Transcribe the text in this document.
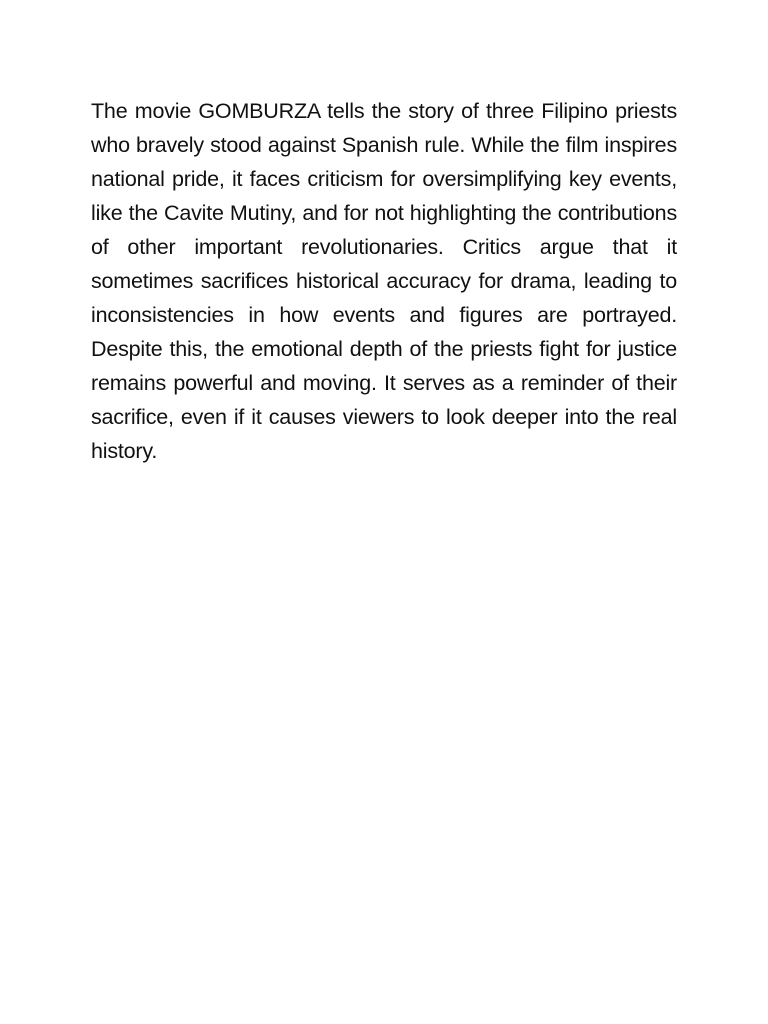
The movie GOMBURZA tells the story of three Filipino priests who bravely stood against Spanish rule. While the film inspires national pride, it faces criticism for oversimplifying key events, like the Cavite Mutiny, and for not highlighting the contributions of other important revolutionaries. Critics argue that it sometimes sacrifices historical accuracy for drama, leading to inconsistencies in how events and figures are portrayed. Despite this, the emotional depth of the priests fight for justice remains powerful and moving. It serves as a reminder of their sacrifice, even if it causes viewers to look deeper into the real history.
